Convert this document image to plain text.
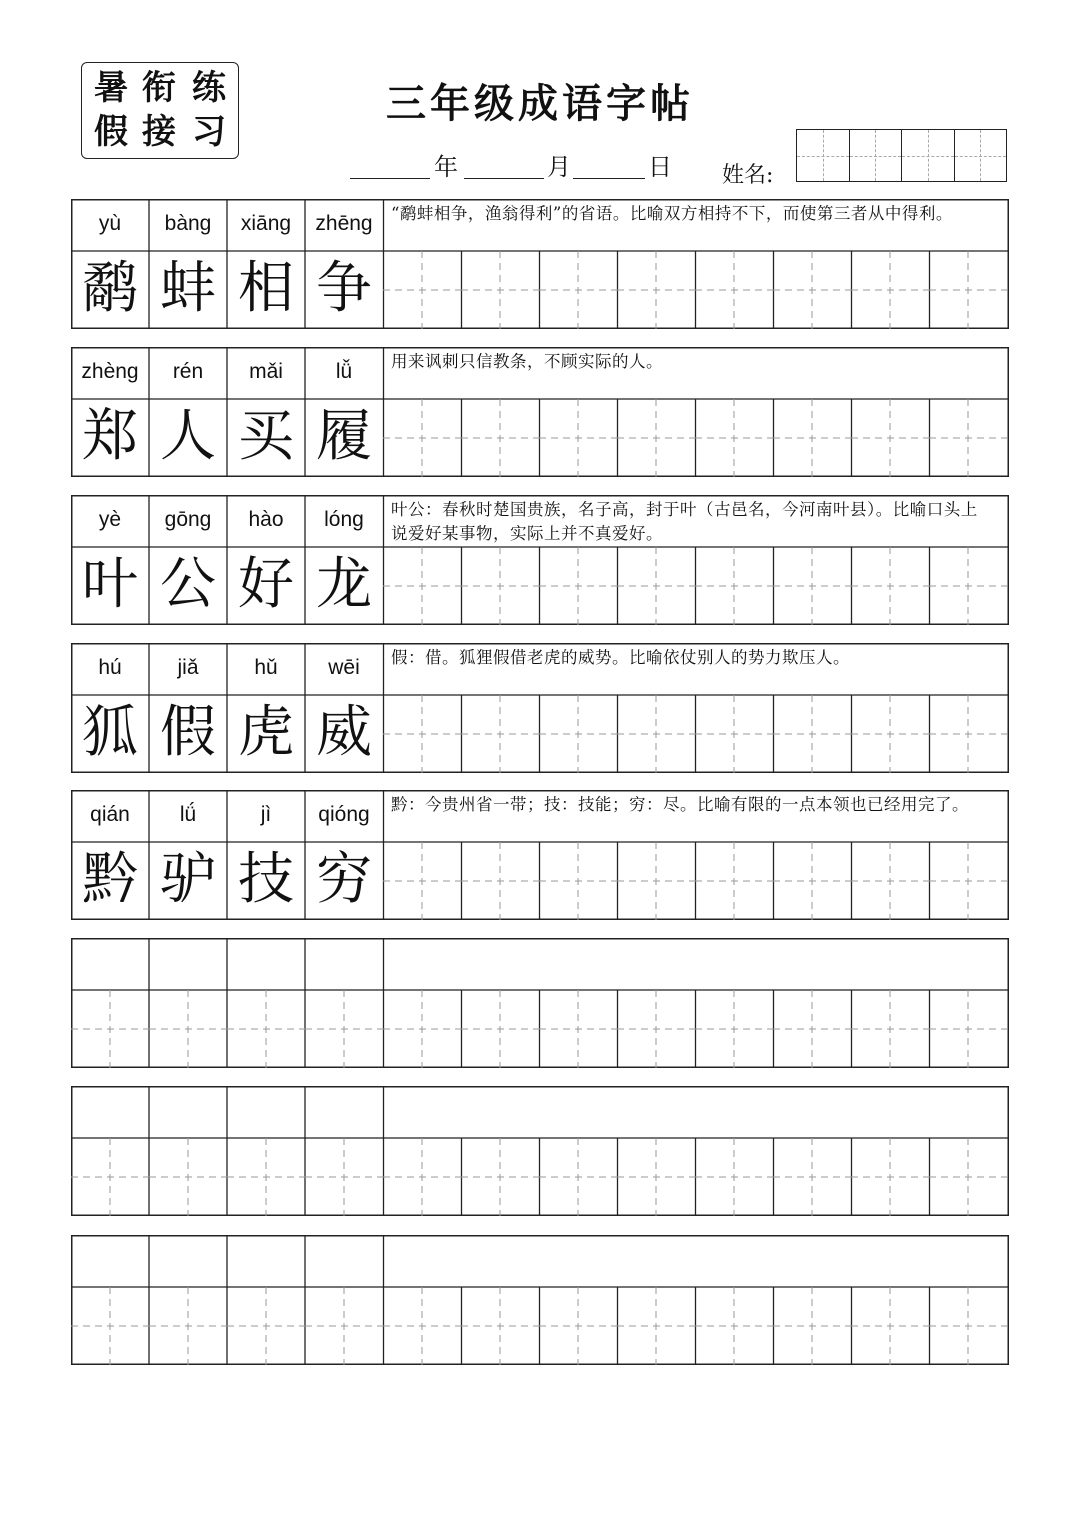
暑 衔 练
假 接 习
三年级成语字帖
年	月	日 姓名:
yù
鹬
bàng
蚌
xiāng
相
zhēng
争
“鹬蚌相争，渔翁得利”的省语。比喻双方相持不下，而使第三者从中得利。
zhèng
郑
rén
人
mǎi
买
lǚ
履
用来讽刺只信教条，不顾实际的人。
yè
叶
gōng
公
hào
好
lóng
龙
叶公：春秋时楚国贵族，名子高，封于叶（古邑名，今河南叶县）。比喻口头上说爱好某事物，实际上并不真爱好。
hú
狐
jiǎ
假
hǔ
虎
wēi
威
假：借。狐狸假借老虎的威势。比喻依仗别人的势力欺压人。
qián
黔
lǘ
驴
jì
技
qióng
穷
黔：今贵州省一带；技：技能；穷：尽。比喻有限的一点本领也已经用完了。
